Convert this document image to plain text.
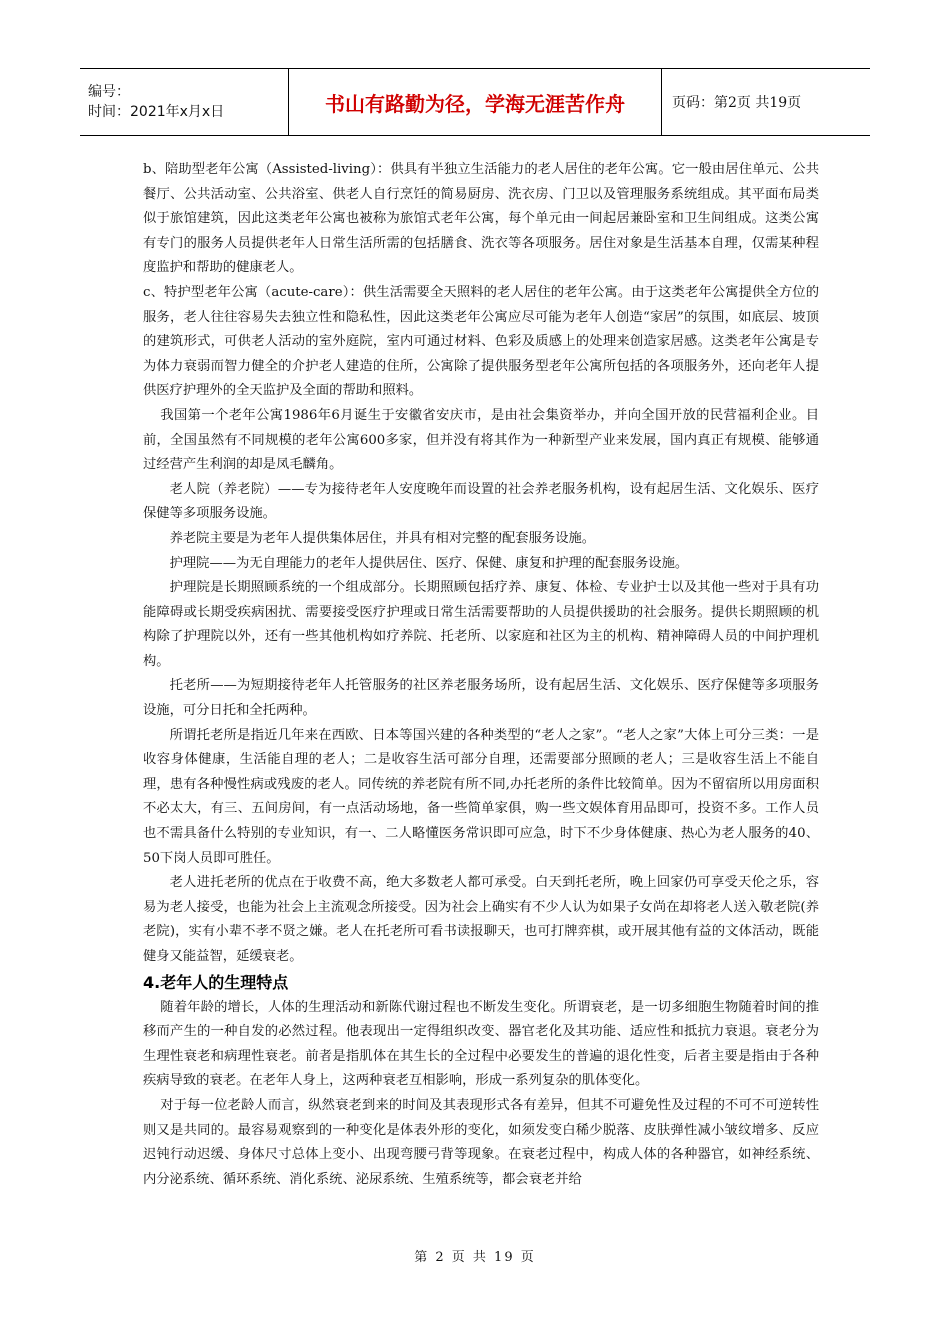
编号：
时间：2021年x月x日	书山有路勤为径，学海无涯苦作舟	页码：第2页 共19页

b、陪助型老年公寓（Assisted-living）：供具有半独立生活能力的老人居住的老年公寓。它一般由居住单元、公共餐厅、公共活动室、公共浴室、供老人自行烹饪的简易厨房、洗衣房、门卫以及管理服务系统组成。其平面布局类似于旅馆建筑，因此这类老年公寓也被称为旅馆式老年公寓，每个单元由一间起居兼卧室和卫生间组成。这类公寓有专门的服务人员提供老年人日常生活所需的包括膳食、洗衣等各项服务。居住对象是生活基本自理，仅需某种程度监护和帮助的健康老人。

c、特护型老年公寓（acute-care）：供生活需要全天照料的老人居住的老年公寓。由于这类老年公寓提供全方位的服务，老人往往容易失去独立性和隐私性，因此这类老年公寓应尽可能为老年人创造“家居”的氛围，如底层、坡顶的建筑形式，可供老人活动的室外庭院，室内可通过材料、色彩及质感上的处理来创造家居感。这类老年公寓是专为体力衰弱而智力健全的介护老人建造的住所，公寓除了提供服务型老年公寓所包括的各项服务外，还向老年人提供医疗护理外的全天监护及全面的帮助和照料。

我国第一个老年公寓1986年6月诞生于安徽省安庆市，是由社会集资举办，并向全国开放的民营福利企业。目前，全国虽然有不同规模的老年公寓600多家，但并没有将其作为一种新型产业来发展，国内真正有规模、能够通过经营产生利润的却是凤毛麟角。

老人院（养老院）——专为接待老年人安度晚年而设置的社会养老服务机构，设有起居生活、文化娱乐、医疗保健等多项服务设施。

养老院主要是为老年人提供集体居住，并具有相对完整的配套服务设施。

护理院——为无自理能力的老年人提供居住、医疗、保健、康复和护理的配套服务设施。

护理院是长期照顾系统的一个组成部分。长期照顾包括疗养、康复、体检、专业护士以及其他一些对于具有功能障碍或长期受疾病困扰、需要接受医疗护理或日常生活需要帮助的人员提供援助的社会服务。提供长期照顾的机构除了护理院以外，还有一些其他机构如疗养院、托老所、以家庭和社区为主的机构、精神障碍人员的中间护理机构。

托老所——为短期接待老年人托管服务的社区养老服务场所，设有起居生活、文化娱乐、医疗保健等多项服务设施，可分日托和全托两种。

所谓托老所是指近几年来在西欧、日本等国兴建的各种类型的“老人之家”。“老人之家”大体上可分三类：一是收容身体健康，生活能自理的老人；二是收容生活可部分自理，还需要部分照顾的老人；三是收容生活上不能自理，患有各种慢性病或残废的老人。同传统的养老院有所不同,办托老所的条件比较简单。因为不留宿所以用房面积不必太大，有三、五间房间，有一点活动场地，备一些简单家俱，购一些文娱体育用品即可，投资不多。工作人员也不需具备什么特别的专业知识，有一、二人略懂医务常识即可应急，时下不少身体健康、热心为老人服务的40、50下岗人员即可胜任。

老人进托老所的优点在于收费不高，绝大多数老人都可承受。白天到托老所，晚上回家仍可享受天伦之乐，容易为老人接受，也能为社会上主流观念所接受。因为社会上确实有不少人认为如果子女尚在却将老人送入敬老院(养老院)，实有小辈不孝不贤之嫌。老人在托老所可看书读报聊天，也可打牌弈棋，或开展其他有益的文体活动，既能健身又能益智，延缓衰老。

4.老年人的生理特点

随着年龄的增长，人体的生理活动和新陈代谢过程也不断发生变化。所谓衰老，是一切多细胞生物随着时间的推移而产生的一种自发的必然过程。他表现出一定得组织改变、器官老化及其功能、适应性和抵抗力衰退。衰老分为生理性衰老和病理性衰老。前者是指肌体在其生长的全过程中必要发生的普遍的退化性变，后者主要是指由于各种疾病导致的衰老。在老年人身上，这两种衰老互相影响，形成一系列复杂的肌体变化。

对于每一位老龄人而言，纵然衰老到来的时间及其表现形式各有差异，但其不可避免性及过程的不可不可逆转性则又是共同的。最容易观察到的一种变化是体表外形的变化，如须发变白稀少脱落、皮肤弹性减小皱纹增多、反应迟钝行动迟缓、身体尺寸总体上变小、出现弯腰弓背等现象。在衰老过程中，构成人体的各种器官，如神经系统、内分泌系统、循环系统、消化系统、泌尿系统、生殖系统等，都会衰老并给

第 2 页 共 19 页
